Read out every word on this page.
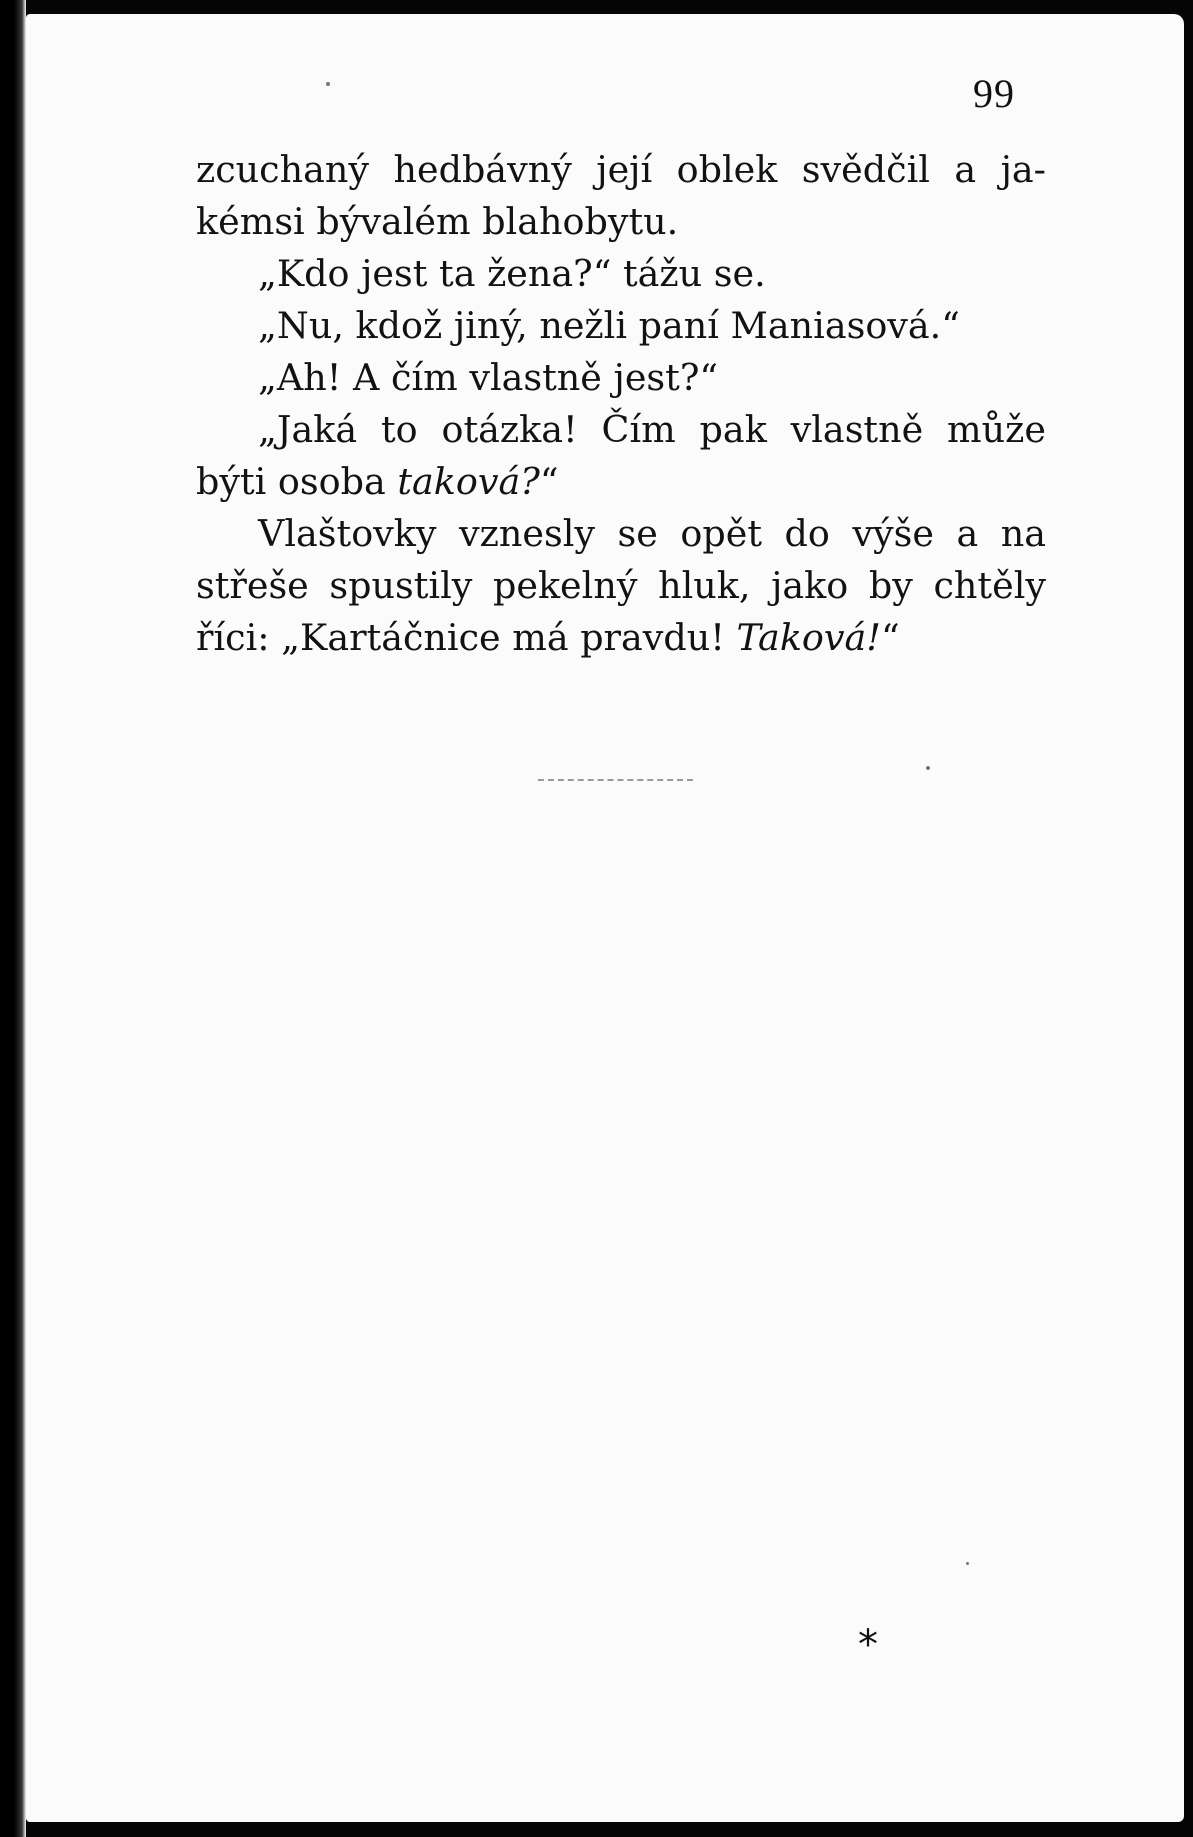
99
zcuchaný hedbávný její oblek svědčil a ja-
kémsi bývalém blahobytu.
„Kdo jest ta žena?“ tážu se.
„Nu, kdož jiný, nežli paní Maniasová.“
„Ah! A čím vlastně jest?“
„Jaká to otázka! Čím pak vlastně může
býti osoba taková?“
Vlaštovky vznesly se opět do výše a na
střeše spustily pekelný hluk, jako by chtěly
říci: „Kartáčnice má pravdu! Taková!“
*
